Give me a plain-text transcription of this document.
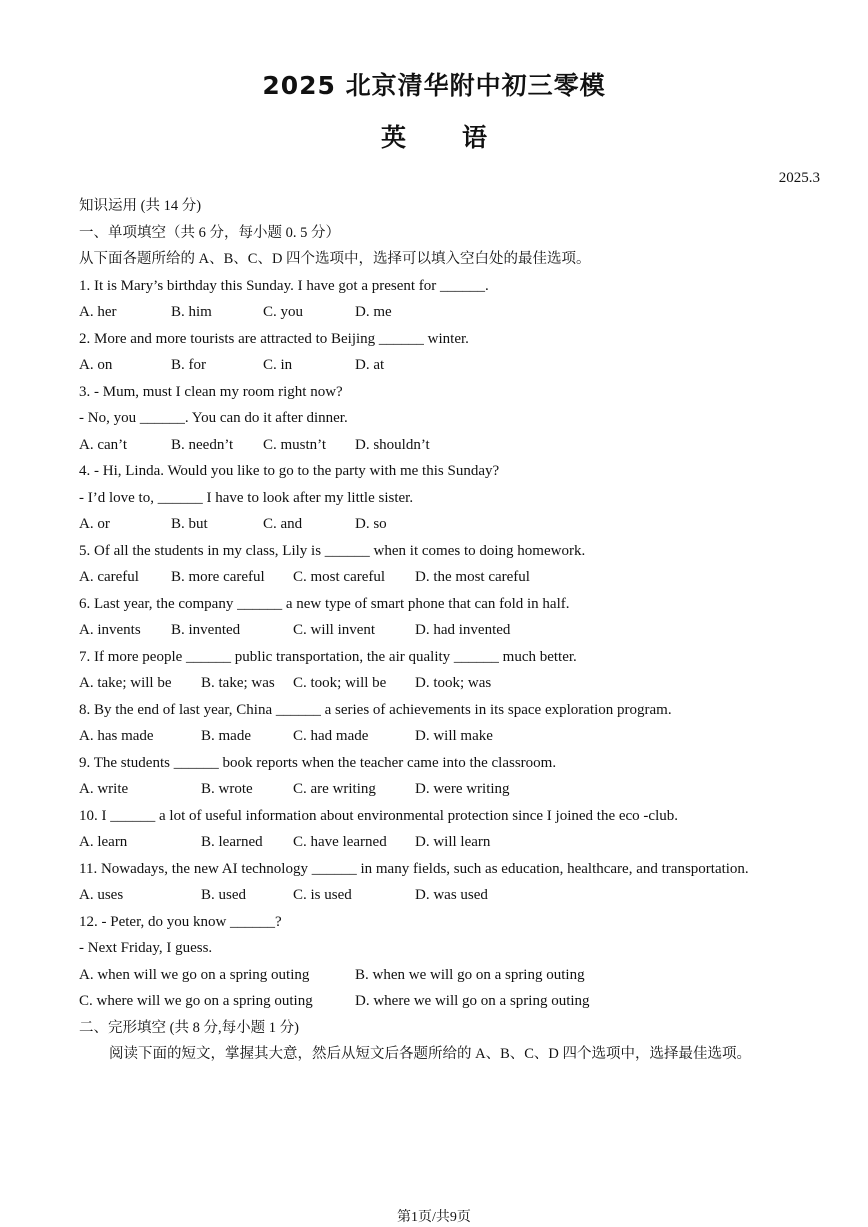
2025 北京清华附中初三零模
英语
2025.3
知识运用 (共 14 分)
一、单项填空（共 6 分，每小题 0. 5 分）
从下面各题所给的 A、B、C、D 四个选项中，选择可以填入空白处的最佳选项。
1. It is Mary’s birthday this Sunday. I have got a present for ______.
A. her	B. him	C. you	D. me
2. More and more tourists are attracted to Beijing ______ winter.
A. on	B. for	C. in	D. at
3. - Mum, must I clean my room right now?
- No, you ______. You can do it after dinner.
A. can’t	B. needn’t	C. mustn’t	D. shouldn’t
4. - Hi, Linda. Would you like to go to the party with me this Sunday?
- I’d love to, ______ I have to look after my little sister.
A. or	B. but	C. and	D. so
5. Of all the students in my class, Lily is ______ when it comes to doing homework.
A. careful	B. more careful	C. most careful	D. the most careful
6. Last year, the company ______ a new type of smart phone that can fold in half.
A. invents	B. invented	C. will invent	D. had invented
7. If more people ______ public transportation, the air quality ______ much better.
A. take; will be	B. take; was	C. took; will be	D. took; was
8. By the end of last year, China ______ a series of achievements in its space exploration program.
A. has made	B. made	C. had made	D. will make
9. The students ______ book reports when the teacher came into the classroom.
A. write	B. wrote	C. are writing	D. were writing
10. I ______ a lot of useful information about environmental protection since I joined the eco -club.
A. learn	B. learned	C. have learned	D. will learn
11. Nowadays, the new AI technology ______ in many fields, such as education, healthcare, and transportation.
A. uses	B. used	C. is used	D. was used
12. - Peter, do you know ______?
- Next Friday, I guess.
A. when will we go on a spring outing	B. when we will go on a spring outing
C. where will we go on a spring outing	D. where we will go on a spring outing
二、完形填空 (共 8 分,每小题 1 分)
阅读下面的短文，掌握其大意，然后从短文后各题所给的 A、B、C、D 四个选项中，选择最佳选项。
第1页/共9页
